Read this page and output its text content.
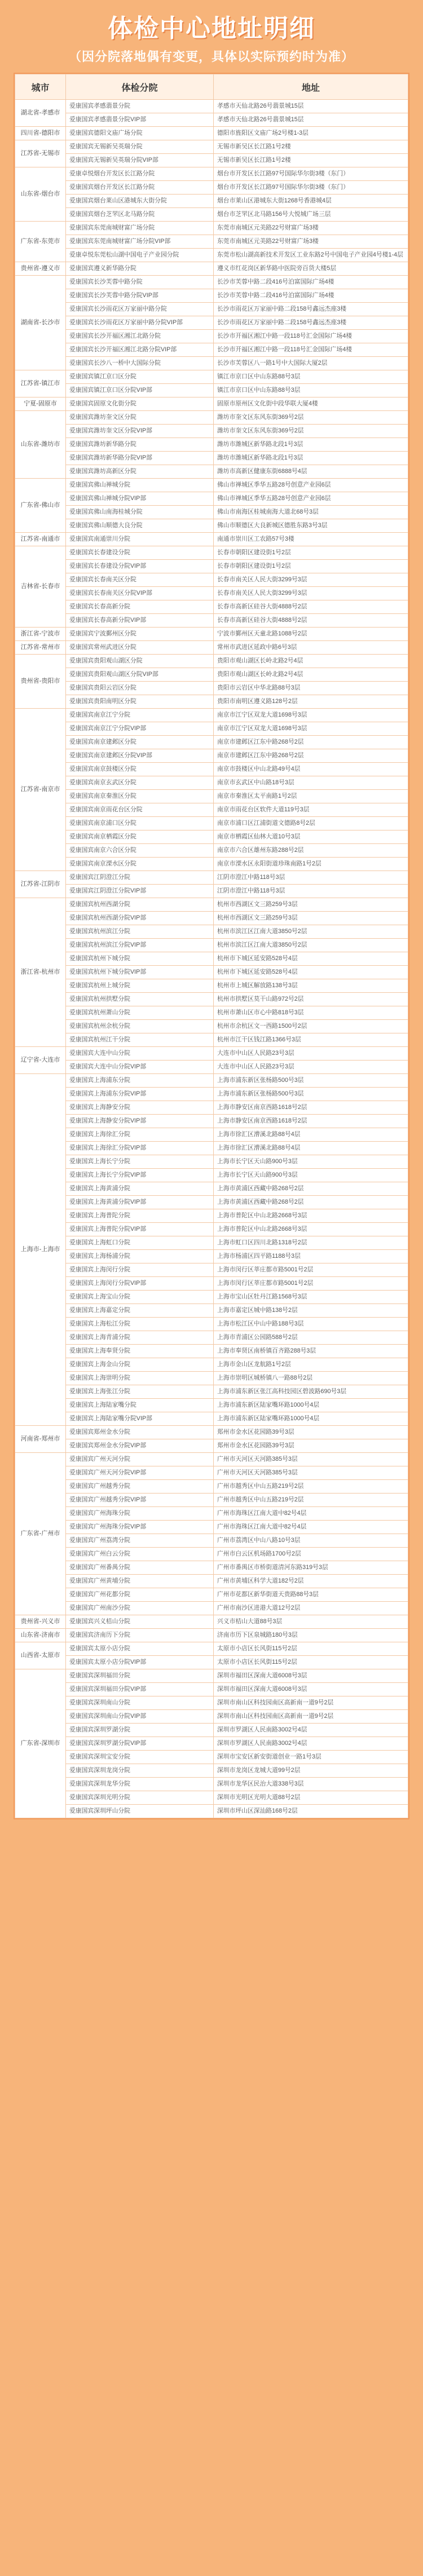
体检中心地址明细
（因分院落地偶有变更，具体以实际预约时为准）
城市	体检分院	地址
湖北省-孝感市	爱康国宾孝感翡景分院	孝感市天仙北路26号翡景城15层
	爱康国宾孝感翡景分院VIP部	孝感市天仙北路26号翡景城15层
四川省-德阳市	爱康国宾德阳文庙广场分院	德阳市旌阳区文庙广场2号楼1-3层
江苏省-无锡市	爱康国宾无锡新吴英瑞分院	无锡市新吴区长江路1号2楼
	爱康国宾无锡新吴英瑞分院VIP部	无锡市新吴区长江路1号2楼
山东省-烟台市	爱康卓悦烟台开发区长江路分院	烟台市开发区长江路97号国际华尔街3楼（东门）
	爱康国宾烟台开发区长江路分院	烟台市开发区长江路97号国际华尔街3楼（东门）
	爱康国宾烟台莱山区港城东大街分院	烟台市莱山区港城东大街1268号香港城4层
	爱康国宾烟台芝罘区北马路分院	烟台市芝罘区北马路156号大悦城广场三层
广东省-东莞市	爱康国宾东莞南城财富广场分院	东莞市南城区元美路22号财富广场3楼
	爱康国宾东莞南城财富广场分院VIP部	东莞市南城区元美路22号财富广场3楼
	爱康卓悦东莞松山湖中国电子产业园分院	东莞市松山湖高新技术开发区工业东路2号中国电子产业园4号楼1-4层
贵州省-遵义市	爱康国宾遵义新华路分院	遵义市红花岗区新华路中医院旁百货大楼5层
湖南省-长沙市	爱康国宾长沙芙蓉中路分院	长沙市芙蓉中路二段416号泊富国际广场4楼
	爱康国宾长沙芙蓉中路分院VIP部	长沙市芙蓉中路二段416号泊富国际广场4楼
	爱康国宾长沙雨花区万家丽中路分院	长沙市雨花区万家丽中路二段158号鑫远杰座3楼
	爱康国宾长沙雨花区万家丽中路分院VIP部	长沙市雨花区万家丽中路二段158号鑫远杰座3楼
	爱康国宾长沙开福区湘江北路分院	长沙市开福区湘江中路一段118号汇金国际广场4楼
	爱康国宾长沙开福区湘江北路分院VIP部	长沙市开福区湘江中路一段118号汇金国际广场4楼
	爱康国宾长沙八一桥中大国际分院	长沙市芙蓉区八一路1号中大国际大厦2层
江苏省-镇江市	爱康国宾镇江京口区分院	镇江市京口区中山东路88号3层
	爱康国宾镇江京口区分院VIP部	镇江市京口区中山东路88号3层
宁夏-固原市	爱康国宾固原文化街分院	固原市原州区文化街中段华联大厦4楼
山东省-潍坊市	爱康国宾潍坊奎文区分院	潍坊市奎文区东风东街369号2层
	爱康国宾潍坊奎文区分院VIP部	潍坊市奎文区东风东街369号2层
	爱康国宾潍坊新华路分院	潍坊市潍城区新华路北段1号3层
	爱康国宾潍坊新华路分院VIP部	潍坊市潍城区新华路北段1号3层
	爱康国宾潍坊高新区分院	潍坊市高新区健康东街6888号4层
广东省-佛山市	爱康国宾佛山禅城分院	佛山市禅城区季华五路28号创意产业园6层
	爱康国宾佛山禅城分院VIP部	佛山市禅城区季华五路28号创意产业园6层
	爱康国宾佛山南海桂城分院	佛山市南海区桂城南海大道北68号3层
	爱康国宾佛山顺德大良分院	佛山市顺德区大良新城区德胜东路3号3层
江苏省-南通市	爱康国宾南通崇川分院	南通市崇川区工农路57号3楼
吉林省-长春市	爱康国宾长春建设分院	长春市朝阳区建设街1号2层
	爱康国宾长春建设分院VIP部	长春市朝阳区建设街1号2层
	爱康国宾长春南关区分院	长春市南关区人民大街3299号3层
	爱康国宾长春南关区分院VIP部	长春市南关区人民大街3299号3层
	爱康国宾长春高新分院	长春市高新区硅谷大街4888号2层
	爱康国宾长春高新分院VIP部	长春市高新区硅谷大街4888号2层
浙江省-宁波市	爱康国宾宁波鄞州区分院	宁波市鄞州区天童北路1088号2层
江苏省-常州市	爱康国宾常州武进区分院	常州市武进区延政中路6号3层
贵州省-贵阳市	爱康国宾贵阳观山湖区分院	贵阳市观山湖区长岭北路2号4层
	爱康国宾贵阳观山湖区分院VIP部	贵阳市观山湖区长岭北路2号4层
	爱康国宾贵阳云岩区分院	贵阳市云岩区中华北路88号3层
	爱康国宾贵阳南明区分院	贵阳市南明区遵义路128号2层
江苏省-南京市	爱康国宾南京江宁分院	南京市江宁区双龙大道1698号3层
	爱康国宾南京江宁分院VIP部	南京市江宁区双龙大道1698号3层
	爱康国宾南京建邺区分院	南京市建邺区江东中路268号2层
	爱康国宾南京建邺区分院VIP部	南京市建邺区江东中路268号2层
	爱康国宾南京鼓楼区分院	南京市鼓楼区中山北路49号4层
	爱康国宾南京玄武区分院	南京市玄武区中山路18号3层
	爱康国宾南京秦淮区分院	南京市秦淮区太平南路1号2层
	爱康国宾南京雨花台区分院	南京市雨花台区软件大道119号3层
	爱康国宾南京浦口区分院	南京市浦口区江浦街道文德路8号2层
	爱康国宾南京栖霞区分院	南京市栖霞区仙林大道10号3层
	爱康国宾南京六合区分院	南京市六合区雄州东路288号2层
	爱康国宾南京溧水区分院	南京市溧水区永阳街道珍珠南路1号2层
江苏省-江阴市	爱康国宾江阴澄江分院	江阴市澄江中路118号3层
	爱康国宾江阴澄江分院VIP部	江阴市澄江中路118号3层
浙江省-杭州市	爱康国宾杭州西湖分院	杭州市西湖区文三路259号3层
	爱康国宾杭州西湖分院VIP部	杭州市西湖区文三路259号3层
	爱康国宾杭州滨江分院	杭州市滨江区江南大道3850号2层
	爱康国宾杭州滨江分院VIP部	杭州市滨江区江南大道3850号2层
	爱康国宾杭州下城分院	杭州市下城区延安路528号4层
	爱康国宾杭州下城分院VIP部	杭州市下城区延安路528号4层
	爱康国宾杭州上城分院	杭州市上城区解放路138号3层
	爱康国宾杭州拱墅分院	杭州市拱墅区莫干山路972号2层
	爱康国宾杭州萧山分院	杭州市萧山区市心中路818号3层
	爱康国宾杭州余杭分院	杭州市余杭区文一西路1500号2层
	爱康国宾杭州江干分院	杭州市江干区钱江路1366号3层
辽宁省-大连市	爱康国宾大连中山分院	大连市中山区人民路23号3层
	爱康国宾大连中山分院VIP部	大连市中山区人民路23号3层
上海市-上海市	爱康国宾上海浦东分院	上海市浦东新区张杨路500号3层
	爱康国宾上海浦东分院VIP部	上海市浦东新区张杨路500号3层
	爱康国宾上海静安分院	上海市静安区南京西路1618号2层
	爱康国宾上海静安分院VIP部	上海市静安区南京西路1618号2层
	爱康国宾上海徐汇分院	上海市徐汇区漕溪北路88号4层
	爱康国宾上海徐汇分院VIP部	上海市徐汇区漕溪北路88号4层
	爱康国宾上海长宁分院	上海市长宁区天山路900号3层
	爱康国宾上海长宁分院VIP部	上海市长宁区天山路900号3层
	爱康国宾上海黄浦分院	上海市黄浦区西藏中路268号2层
	爱康国宾上海黄浦分院VIP部	上海市黄浦区西藏中路268号2层
	爱康国宾上海普陀分院	上海市普陀区中山北路2668号3层
	爱康国宾上海普陀分院VIP部	上海市普陀区中山北路2668号3层
	爱康国宾上海虹口分院	上海市虹口区四川北路1318号2层
	爱康国宾上海杨浦分院	上海市杨浦区四平路1188号3层
	爱康国宾上海闵行分院	上海市闵行区莘庄都市路5001号2层
	爱康国宾上海闵行分院VIP部	上海市闵行区莘庄都市路5001号2层
	爱康国宾上海宝山分院	上海市宝山区牡丹江路1568号3层
	爱康国宾上海嘉定分院	上海市嘉定区城中路138号2层
	爱康国宾上海松江分院	上海市松江区中山中路188号3层
	爱康国宾上海青浦分院	上海市青浦区公园路588号2层
	爱康国宾上海奉贤分院	上海市奉贤区南桥镇百齐路288号3层
	爱康国宾上海金山分院	上海市金山区龙航路1号2层
	爱康国宾上海崇明分院	上海市崇明区城桥镇八一路88号2层
	爱康国宾上海张江分院	上海市浦东新区张江高科技园区碧波路690号3层
	爱康国宾上海陆家嘴分院	上海市浦东新区陆家嘴环路1000号4层
	爱康国宾上海陆家嘴分院VIP部	上海市浦东新区陆家嘴环路1000号4层
河南省-郑州市	爱康国宾郑州金水分院	郑州市金水区花园路39号3层
	爱康国宾郑州金水分院VIP部	郑州市金水区花园路39号3层
广东省-广州市	爱康国宾广州天河分院	广州市天河区天河路385号3层
	爱康国宾广州天河分院VIP部	广州市天河区天河路385号3层
	爱康国宾广州越秀分院	广州市越秀区中山五路219号2层
	爱康国宾广州越秀分院VIP部	广州市越秀区中山五路219号2层
	爱康国宾广州海珠分院	广州市海珠区江南大道中82号4层
	爱康国宾广州海珠分院VIP部	广州市海珠区江南大道中82号4层
	爱康国宾广州荔湾分院	广州市荔湾区中山八路10号3层
	爱康国宾广州白云分院	广州市白云区机场路1700号2层
	爱康国宾广州番禺分院	广州市番禺区市桥街道清河东路319号3层
	爱康国宾广州黄埔分院	广州市黄埔区科学大道182号2层
	爱康国宾广州花都分院	广州市花都区新华街道天贵路88号3层
	爱康国宾广州南沙分院	广州市南沙区进港大道12号2层
贵州省-兴义市	爱康国宾兴义桔山分院	兴义市桔山大道88号3层
山东省-济南市	爱康国宾济南历下分院	济南市历下区泉城路180号3层
山西省-太原市	爱康国宾太原小店分院	太原市小店区长风街115号2层
	爱康国宾太原小店分院VIP部	太原市小店区长风街115号2层
广东省-深圳市	爱康国宾深圳福田分院	深圳市福田区深南大道6008号3层
	爱康国宾深圳福田分院VIP部	深圳市福田区深南大道6008号3层
	爱康国宾深圳南山分院	深圳市南山区科技园南区高新南一道9号2层
	爱康国宾深圳南山分院VIP部	深圳市南山区科技园南区高新南一道9号2层
	爱康国宾深圳罗湖分院	深圳市罗湖区人民南路3002号4层
	爱康国宾深圳罗湖分院VIP部	深圳市罗湖区人民南路3002号4层
	爱康国宾深圳宝安分院	深圳市宝安区新安街道创业一路1号3层
	爱康国宾深圳龙岗分院	深圳市龙岗区龙城大道99号2层
	爱康国宾深圳龙华分院	深圳市龙华区民治大道338号3层
	爱康国宾深圳光明分院	深圳市光明区光明大道88号2层
	爱康国宾深圳坪山分院	深圳市坪山区深汕路168号2层
